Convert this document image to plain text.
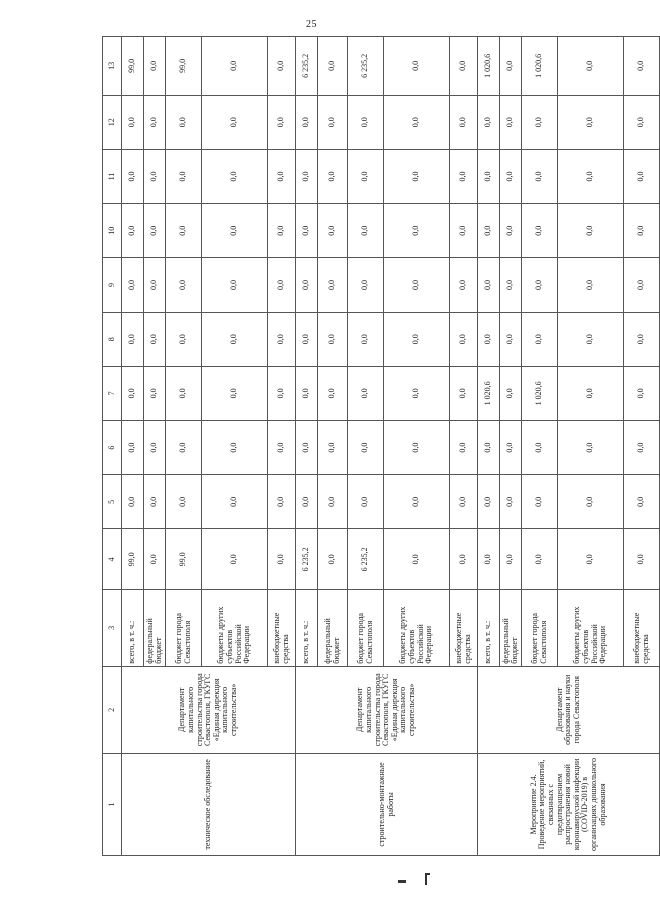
25
1	2	3	4	5	6	7	8	9	10	11	12	13
техническое обследование	Департамент капитального строительства города Севастополя, ГКУГС «Единая дирекция капитального строительства»	всего, в т. ч.:	99,0	0,0	0,0	0,0	0,0	0,0	0,0	0,0	0,0	99,0
		федеральный бюджет	0,0	0,0	0,0	0,0	0,0	0,0	0,0	0,0	0,0	0,0
		бюджет города Севастополя	99,0	0,0	0,0	0,0	0,0	0,0	0,0	0,0	0,0	99,0
		бюджеты других субъектов Российской Федерации	0,0	0,0	0,0	0,0	0,0	0,0	0,0	0,0	0,0	0,0
		внебюджетные средства	0,0	0,0	0,0	0,0	0,0	0,0	0,0	0,0	0,0	0,0
строительно-монтажные работы	Департамент капитального строительства города Севастополя, ГКУГС «Единая дирекция капитального строительства»	всего, в т. ч.:	6 235,2	0,0	0,0	0,0	0,0	0,0	0,0	0,0	0,0	6 235,2
		федеральный бюджет	0,0	0,0	0,0	0,0	0,0	0,0	0,0	0,0	0,0	0,0
		бюджет города Севастополя	6 235,2	0,0	0,0	0,0	0,0	0,0	0,0	0,0	0,0	6 235,2
		бюджеты других субъектов Российской Федерации	0,0	0,0	0,0	0,0	0,0	0,0	0,0	0,0	0,0	0,0
		внебюджетные средства	0,0	0,0	0,0	0,0	0,0	0,0	0,0	0,0	0,0	0,0
Мероприятие 2.4. Проведение мероприятий, связанных с предотвращением распространения новой коронавирусной инфекции (COVID-2019) в организациях дошкольного образования	Департамент образования и науки города Севастополя	всего, в т. ч.:	0,0	0,0	0,0	1 020,6	0,0	0,0	0,0	0,0	0,0	1 020,6
		федеральный бюджет	0,0	0,0	0,0	0,0	0,0	0,0	0,0	0,0	0,0	0,0
		бюджет города Севастополя	0,0	0,0	0,0	1 020,6	0,0	0,0	0,0	0,0	0,0	1 020,6
		бюджеты других субъектов Российской Федерации	0,0	0,0	0,0	0,0	0,0	0,0	0,0	0,0	0,0	0,0
		внебюджетные средства	0,0	0,0	0,0	0,0	0,0	0,0	0,0	0,0	0,0	0,0
